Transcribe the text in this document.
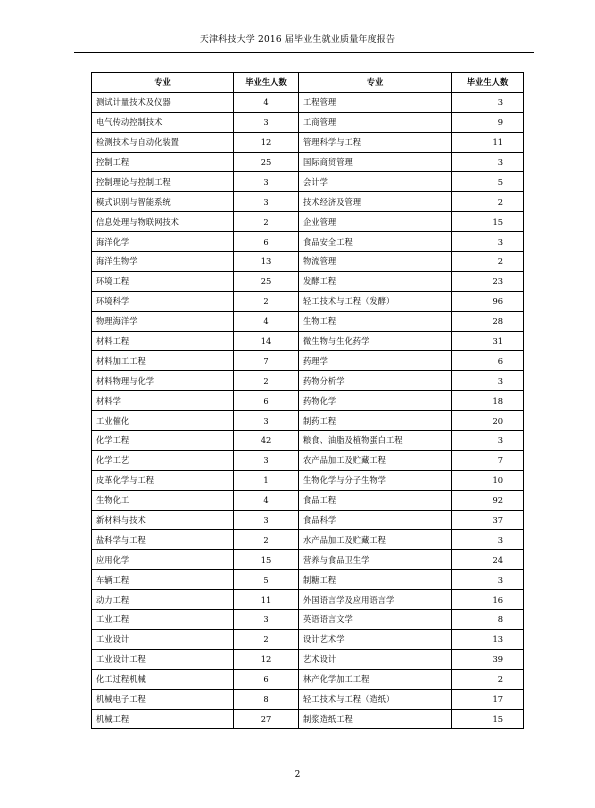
天津科技大学 2016 届毕业生就业质量年度报告
专业	毕业生人数	专业	毕业生人数
测试计量技术及仪器	4	工程管理	3
电气传动控制技术	3	工商管理	9
检测技术与自动化装置	12	管理科学与工程	11
控制工程	25	国际商贸管理	3
控制理论与控制工程	3	会计学	5
模式识别与智能系统	3	技术经济及管理	2
信息处理与物联网技术	2	企业管理	15
海洋化学	6	食品安全工程	3
海洋生物学	13	物流管理	2
环境工程	25	发酵工程	23
环境科学	2	轻工技术与工程（发酵）	96
物理海洋学	4	生物工程	28
材料工程	14	微生物与生化药学	31
材料加工工程	7	药理学	6
材料物理与化学	2	药物分析学	3
材料学	6	药物化学	18
工业催化	3	制药工程	20
化学工程	42	粮食、油脂及植物蛋白工程	3
化学工艺	3	农产品加工及贮藏工程	7
皮革化学与工程	1	生物化学与分子生物学	10
生物化工	4	食品工程	92
新材料与技术	3	食品科学	37
盐科学与工程	2	水产品加工及贮藏工程	3
应用化学	15	营养与食品卫生学	24
车辆工程	5	制糖工程	3
动力工程	11	外国语言学及应用语言学	16
工业工程	3	英语语言文学	8
工业设计	2	设计艺术学	13
工业设计工程	12	艺术设计	39
化工过程机械	6	林产化学加工工程	2
机械电子工程	8	轻工技术与工程（造纸）	17
机械工程	27	制浆造纸工程	15
2
